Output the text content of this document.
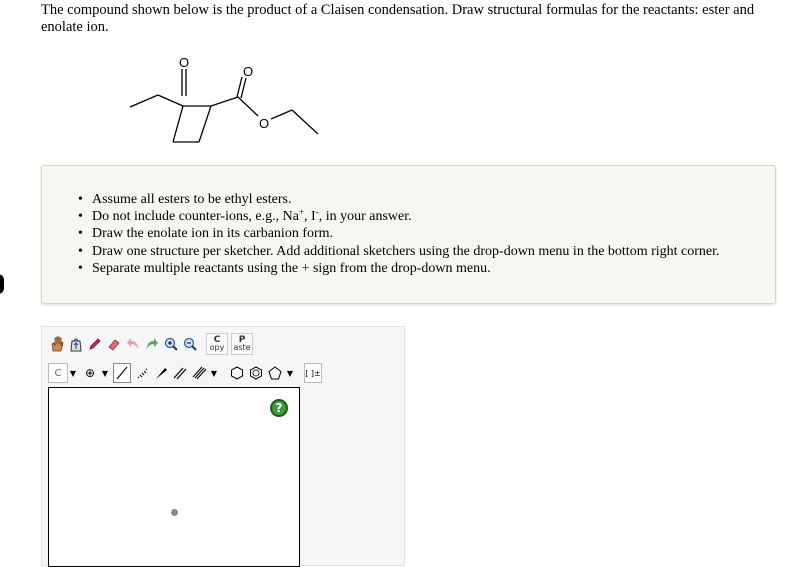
The compound shown below is the product of a Claisen condensation. Draw structural formulas for the reactants: ester and enolate ion.
O
O
O
• Assume all esters to be ethyl esters.
• Do not include counter-ions, e.g., Na+, I-, in your answer.
• Draw the enolate ion in its carbanion form.
• Draw one structure per sketcher. Add additional sketchers using the drop-down menu in the bottom right corner.
• Separate multiple reactants using the + sign from the drop-down menu.
C
opy
P
aste
C	▼ ⊕ ▼	▼	▼ [ ]±
?
